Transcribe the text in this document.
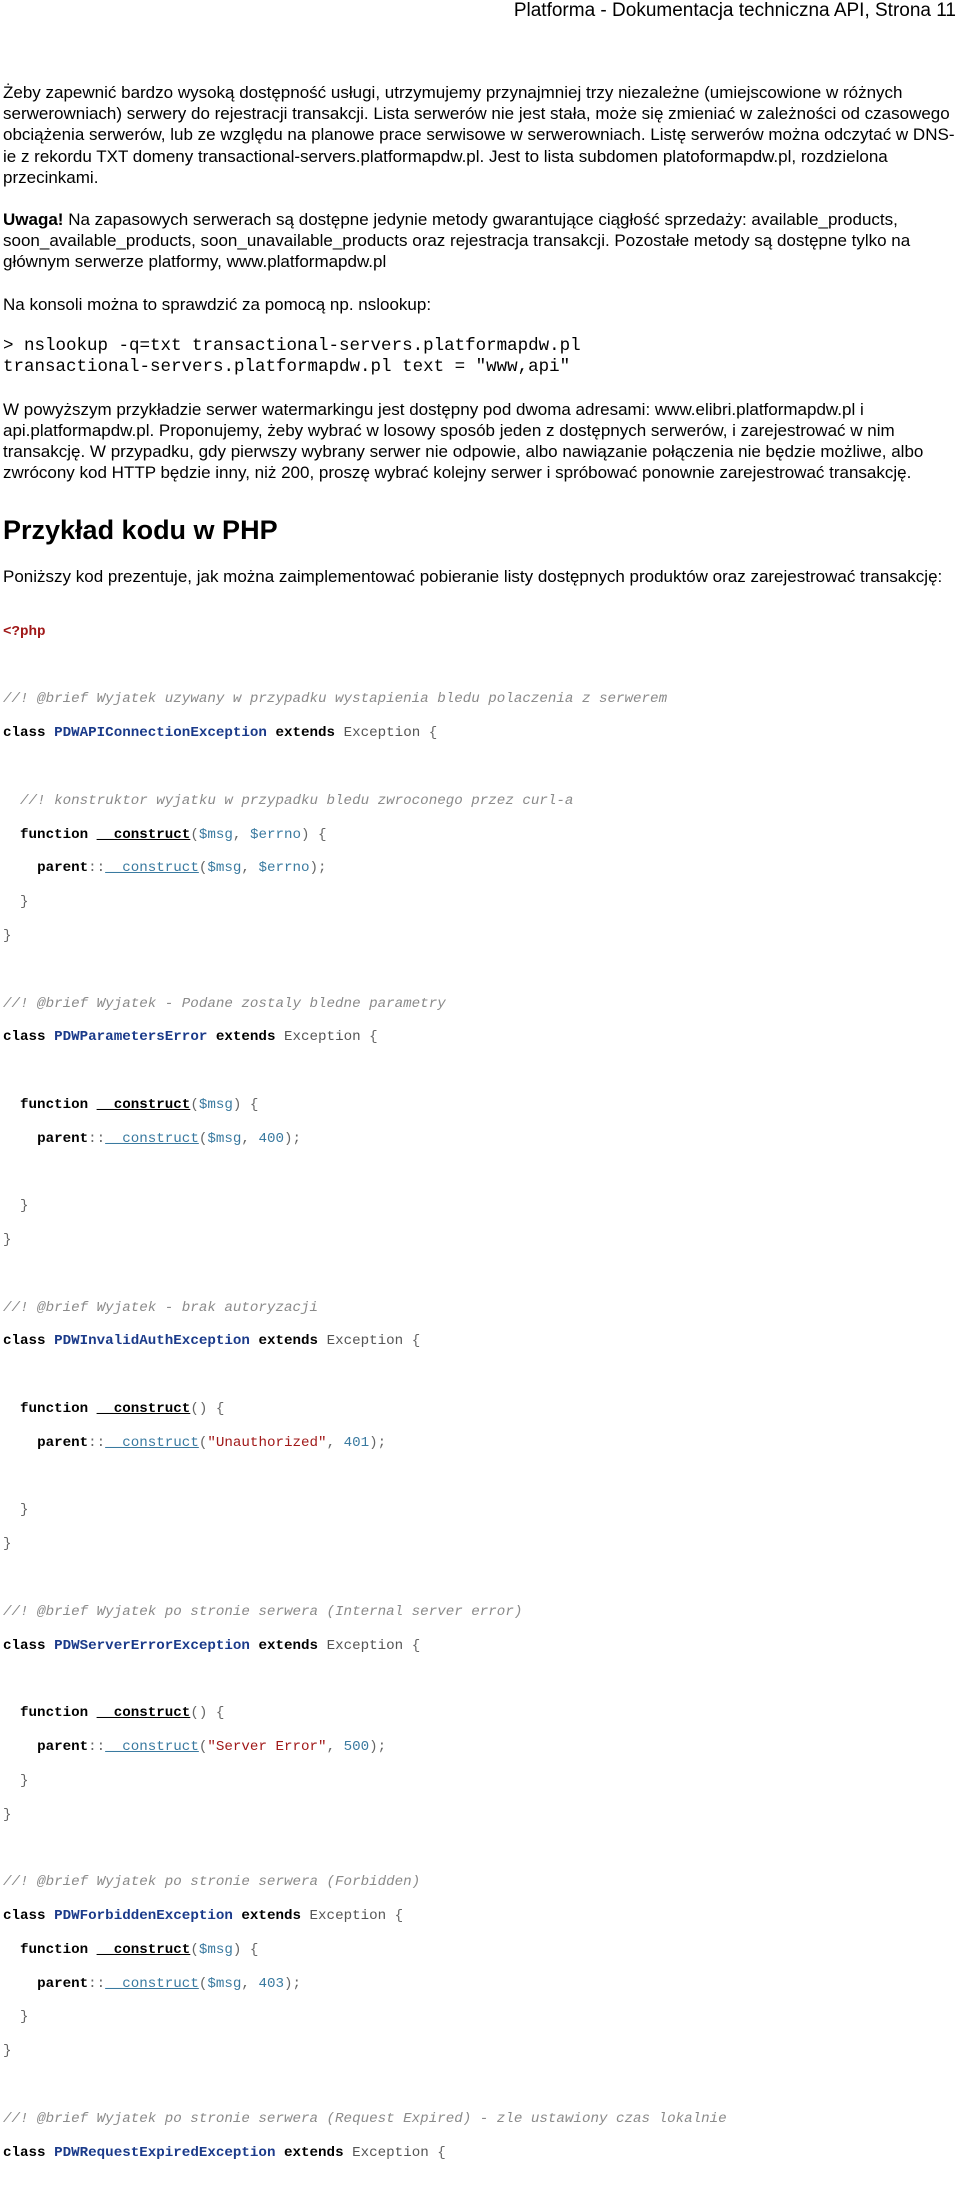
Platforma - Dokumentacja techniczna API, Strona 11

Żeby zapewnić bardzo wysoką dostępność usługi, utrzymujemy przynajmniej trzy niezależne (umiejscowione w różnych serwerowniach) serwery do rejestracji transakcji. Lista serwerów nie jest stała, może się zmieniać w zależności od czasowego obciążenia serwerów, lub ze względu na planowe prace serwisowe w serwerowniach. Listę serwerów można odczytać w DNS-ie z rekordu TXT domeny transactional-servers.platformapdw.pl. Jest to lista subdomen platoformapdw.pl, rozdzielona przecinkami.

Uwaga! Na zapasowych serwerach są dostępne jedynie metody gwarantujące ciągłość sprzedaży: available_products, soon_available_products, soon_unavailable_products oraz rejestracja transakcji. Pozostałe metody są dostępne tylko na głównym serwerze platformy, www.platformapdw.pl

Na konsoli można to sprawdzić za pomocą np. nslookup:

> nslookup -q=txt transactional-servers.platformapdw.pl
transactional-servers.platformapdw.pl text = "www,api"

W powyższym przykładzie serwer watermarkingu jest dostępny pod dwoma adresami: www.elibri.platformapdw.pl i api.platformapdw.pl. Proponujemy, żeby wybrać w losowy sposób jeden z dostępnych serwerów, i zarejestrować w nim transakcję. W przypadku, gdy pierwszy wybrany serwer nie odpowie, albo nawiązanie połączenia nie będzie możliwe, albo zwrócony kod HTTP będzie inny, niż 200, proszę wybrać kolejny serwer i spróbować ponownie zarejestrować transakcję.

Przykład kodu w PHP

Poniższy kod prezentuje, jak można zaimplementować pobieranie listy dostępnych produktów oraz zarejestrować transakcję:

<?php

//! @brief Wyjatek uzywany w przypadku wystapienia bledu polaczenia z serwerem

class PDWAPIConnectionException extends Exception {

//! konstruktor wyjatku w przypadku bledu zwroconego przez curl-a

function __construct($msg, $errno) {

parent::__construct($msg, $errno);

}

}

//! @brief Wyjatek - Podane zostaly bledne parametry

class PDWParametersError extends Exception {

function __construct($msg) {

parent::__construct($msg, 400);

}

}

//! @brief Wyjatek - brak autoryzacji

class PDWInvalidAuthException extends Exception {

function __construct() {

parent::__construct("Unauthorized", 401);

}

}

//! @brief Wyjatek po stronie serwera (Internal server error)

class PDWServerErrorException extends Exception {

function __construct() {

parent::__construct("Server Error", 500);

}

}

//! @brief Wyjatek po stronie serwera (Forbidden)

class PDWForbiddenException extends Exception {

function __construct($msg) {

parent::__construct($msg, 403);

}

}

//! @brief Wyjatek po stronie serwera (Request Expired) - zle ustawiony czas lokalnie

class PDWRequestExpiredException extends Exception {
